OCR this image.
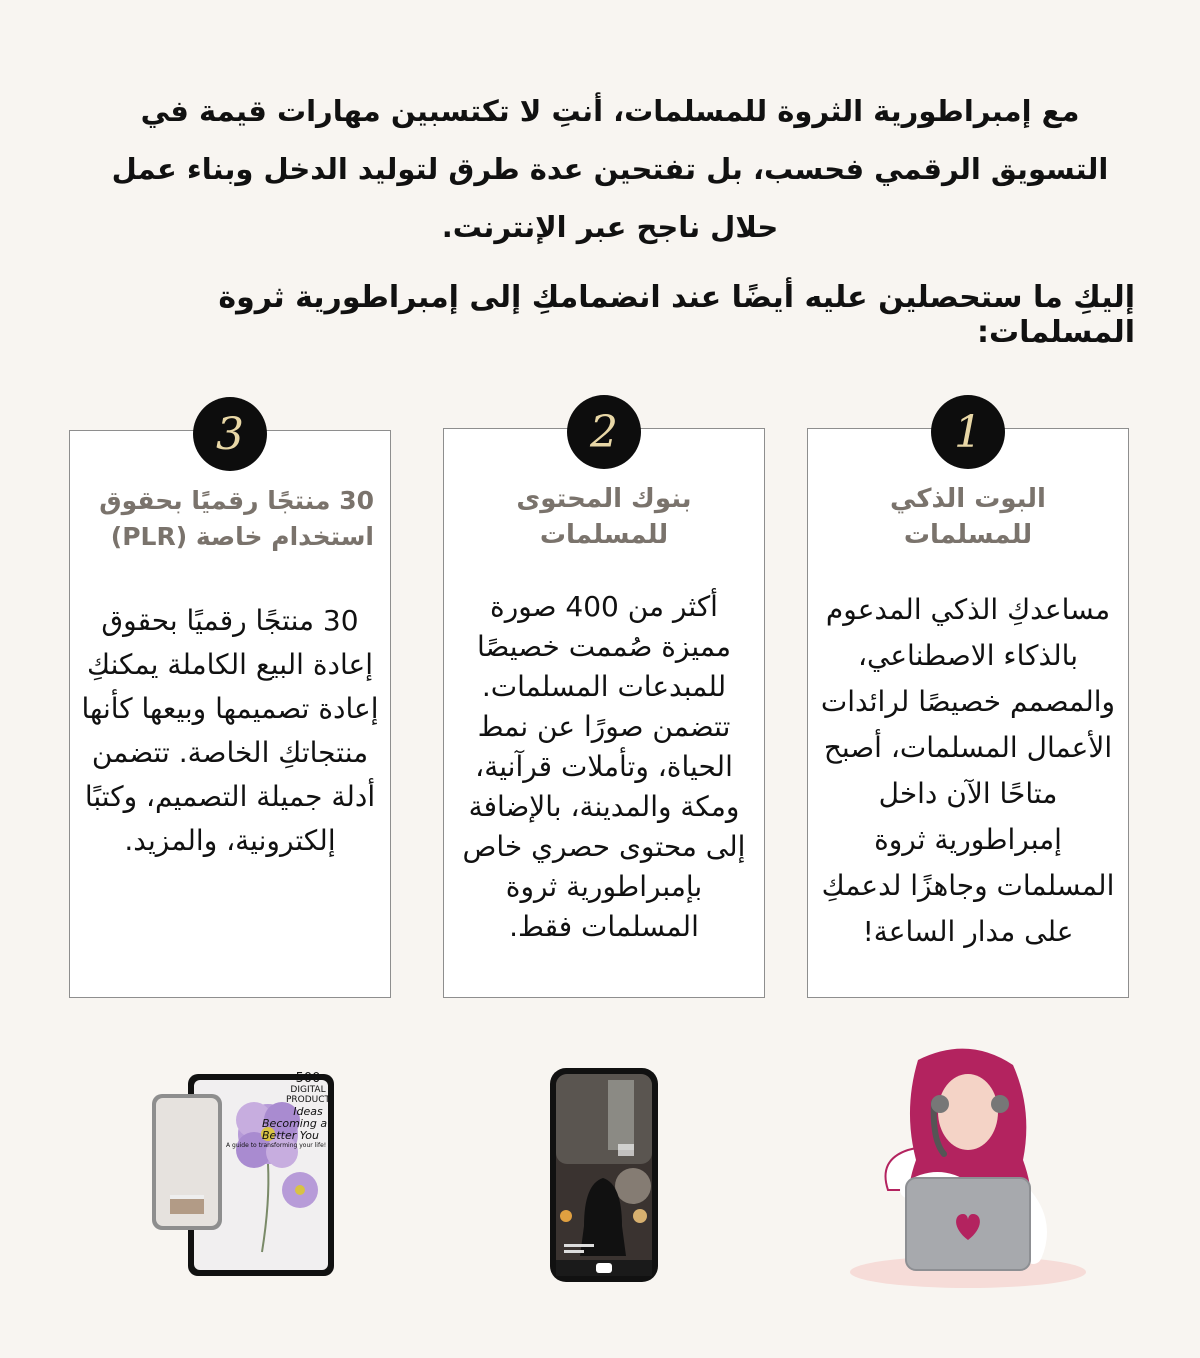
مع إمبراطورية الثروة للمسلمات، أنتِ لا تكتسبين مهارات قيمة في التسويق الرقمي فحسب، بل تفتحين عدة طرق لتوليد الدخل وبناء عمل حلال ناجح عبر الإنترنت.

إليكِ ما ستحصلين عليه أيضًا عند انضمامكِ إلى إمبراطورية ثروة المسلمات:
1
البوت الذكي للمسلمات
مساعدكِ الذكي المدعوم بالذكاء الاصطناعي، والمصمم خصيصًا لرائدات الأعمال المسلمات، أصبح متاحًا الآن داخل إمبراطورية ثروة المسلمات وجاهزًا لدعمكِ على مدار الساعة!
2
بنوك المحتوى للمسلمات
أكثر من 400 صورة مميزة صُممت خصيصًا للمبدعات المسلمات. تتضمن صورًا عن نمط الحياة، وتأملات قرآنية، ومكة والمدينة، بالإضافة إلى محتوى حصري خاص بإمبراطورية ثروة المسلمات فقط.
3
30 منتجًا رقميًا بحقوق استخدام خاصة (PLR)
30 منتجًا رقميًا بحقوق إعادة البيع الكاملة يمكنكِ إعادة تصميمها وبيعها كأنها منتجاتكِ الخاصة. تتضمن أدلة جميلة التصميم، وكتبًا إلكترونية، والمزيد.
500
DIGITAL PRODUCT
Ideas
Becoming a Better You
A guide to transforming your life!
